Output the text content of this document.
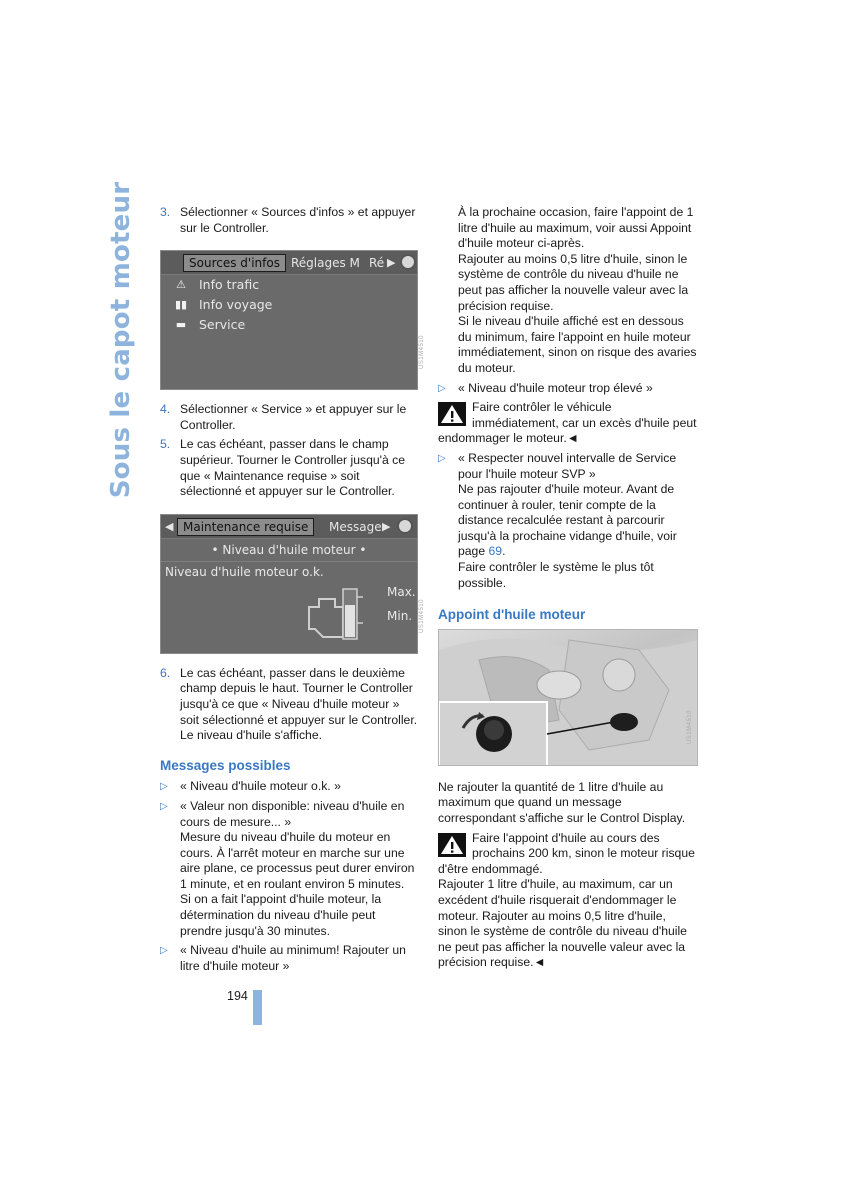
Sous le capot moteur 3. Sélectionner « Sources d'infos » et appuyer sur le Controller.
Sources d'infos Réglages M Ré ▶
⚠	Info trafic
▮▮ Info voyage
▬	Service
US1M4510
4. Sélectionner « Service » et appuyer sur le Controller.
5. Le cas échéant, passer dans le champ supérieur. Tourner le Controller jusqu'à ce que « Maintenance requise » soit sélectionné et appuyer sur le Controller.
◀ Maintenance requise	Message ▶
• Niveau d'huile moteur •
Niveau d'huile moteur o.k.
Max.
Min.	US1M4510
6. Le cas échéant, passer dans le deuxième champ depuis le haut. Tourner le Controller jusqu'à ce que « Niveau d'huile moteur » soit sélectionné et appuyer sur le Controller. Le niveau d'huile s'affiche.
Messages possibles
▷	« Niveau d'huile moteur o.k. »
▷	« Valeur non disponible: niveau d'huile en cours de mesure... »
Mesure du niveau d'huile du moteur en cours. À l'arrêt moteur en marche sur une aire plane, ce processus peut durer environ 1 minute, et en roulant environ 5 minutes.
Si on a fait l'appoint d'huile moteur, la détermination du niveau d'huile peut prendre jusqu'à 30 minutes.
▷	« Niveau d'huile au minimum! Rajouter un litre d'huile moteur »

À la prochaine occasion, faire l'appoint de 1 litre d'huile au maximum, voir aussi Appoint d'huile moteur ci-après.

Rajouter au moins 0,5 litre d'huile, sinon le système de contrôle du niveau d'huile ne peut pas afficher la nouvelle valeur avec la précision requise.

Si le niveau d'huile affiché est en dessous du minimum, faire l'appoint en huile moteur immédiatement, sinon on risque des avaries du moteur.

▷	« Niveau d'huile moteur trop élevé »
Faire contrôler le véhicule immédiatement, car un excès d'huile peut endommager le moteur.◄
▷	« Respecter nouvel intervalle de Service pour l'huile moteur SVP »
Ne pas rajouter d'huile moteur. Avant de continuer à rouler, tenir compte de la distance recalculée restant à parcourir jusqu'à la prochaine vidange d'huile, voir page 69.
Faire contrôler le système le plus tôt possible.
Appoint d'huile moteur
US1M4510

Ne rajouter la quantité de 1 litre d'huile au maximum que quand un message correspondant s'affiche sur le Control Display.

Faire l'appoint d'huile au cours des prochains 200 km, sinon le moteur risque d'être endommagé.

Rajouter 1 litre d'huile, au maximum, car un excédent d'huile risquerait d'endommager le moteur. Rajouter au moins 0,5 litre d'huile, sinon le système de contrôle du niveau d'huile ne peut pas afficher la nouvelle valeur avec la précision requise.◄

194
